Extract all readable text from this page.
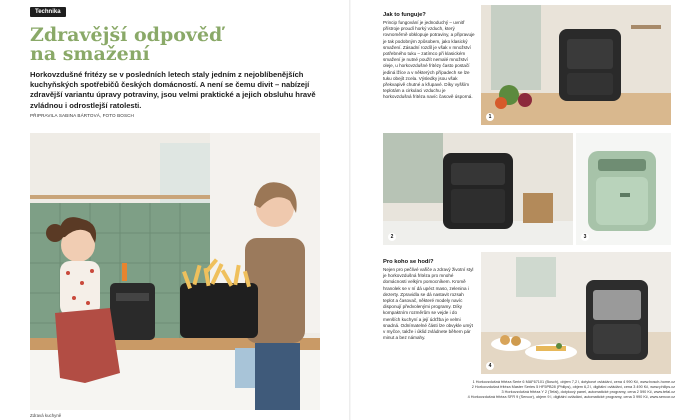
Technika
Zdravější odpověď
na smažení
Horkovzdušné fritézy se v posledních letech staly jedním z nejoblíbenějších kuchyňských spotřebičů českých domácností. A není se čemu divit – nabízejí zdravější variantu úpravy potraviny, jsou velmi praktické a jejich obsluhu hravě zvládnou i odrostlejší ratolesti.
PŘIPRAVILA SABINA BÁRTOVÁ, FOTO BOSCH
Zdravá kuchyně
Jak to funguje?

Princip fungování je jednoduchý – uvnitř přístroje proudí horký vzduch, který rovnoměrně obklopuje potraviny, a připravuje je tak podobným způsobem, jako klasický smažení. Zásadní rozdíl je však v množství potřebného tuku – zatímco při klasickém smažení je nutné použít nemalé množství oleje, u horkovzdušné fritézy často postačí jediná lžíce a v některých případech se lze tuku obejít zcela. Výsledky jsou však překvapivě chutné a křupavé. Díky vyšším teplotám a cirkulaci vzduchu je horkovzdušná fritéza navíc časově úsporná.

1
2	3
Pro koho se hodí?

Nejen pro pečlivé vařiče a zdravý životní styl je horkovzdušná fritéza pro mnohé domácnosti velkým pomocníkem. Kromě hranolek se v ní dá upéct maso, zelenina i dezerty. Zpravidla se dá nastavit rozsah teplot a časovač, některé modely navíc disponují předvolenými programy. Díky kompaktním rozměrům se vejde i do menších kuchyní a její údržba je velmi snadná. Odnímatelné části lze obvykle umýt v myčce, takže i úklid zvládnete během pár minut a bez námahy.

4
1 Horkovzdušná fritéza Serie 6 MAF67101 (Bosch), objem 7,2 l, dotykové ovládání, cena 4 990 Kč, www.bosch-home.cz
2 Horkovzdušná fritéza Master Series 5 HF5PB28 (Philips), objem 6,2 l, digitální ovládání, cena 3 490 Kč, www.philips.cz
3 Horkovzdušná fritéza Y 2 (Tefal), dotykový panel, automatické programy, cena 2 590 Kč, www.tefal.cz
4 Horkovzdušná fritéza SFR 9 (Sencor), objem 9 l, digitální ovládání, automatické programy, cena 3 990 Kč, www.sencor.cz
